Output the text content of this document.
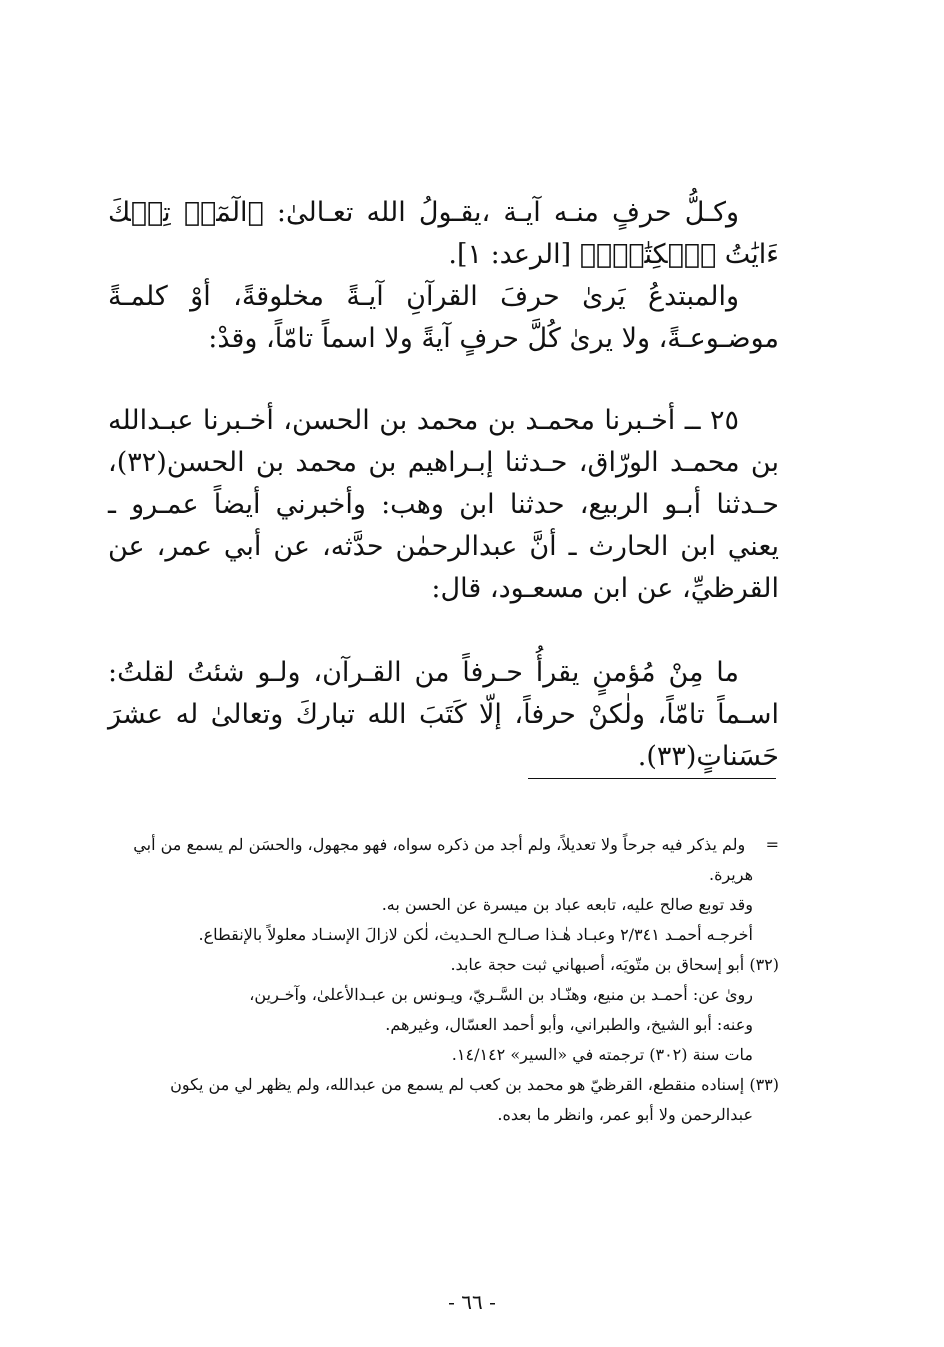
وكـلُّ حرفٍ منـه آيـة ،يقـولُ الله تعـالىٰ: ﴿الٓمٓرۚ تِلۡكَ ءَايَٰتُ ٱلۡكِتَٰبِۗ﴾ [الرعد: ١].

والمبتدعُ يَرىٰ حرفَ القرآنِ آيـةً مخلوقةً، أوْ كلمـةً موضـوعـةً، ولا يرىٰ كُلَّ حرفٍ آيةً ولا اسماً تامّاً، وقدْ:

٢٥ ــ أخـبرنا محمـد بن محمد بن الحسن، أخـبرنا عبـدالله بن محمـد الورّاق، حـدثنا إبـراهيم بن محمد بن الحسن(٣٢)، حـدثنا أبـو الربيع، حدثنا ابن وهب: وأخبرني أيضاً عمـرو ـ يعني ابن الحارث ـ أنَّ عبدالرحمٰن حدَّثه، عن أبي عمر، عن القرظيِّ، عن ابن مسعـود، قال:

ما مِنْ مُؤمنٍ يقرأُ حـرفاً من القـرآن، ولـو شئتُ لقلتُ: اسـماً تامّاً، ولٰكنْ حرفاً، إلّا كَتَبَ الله تباركَ وتعالىٰ له عشرَ حَسَناتٍ(٣٣).

=    ولم يذكر فيه جرحاً ولا تعديلاً، ولم أجد من ذكره سواه، فهو مجهول، والحسَن لم يسمع من أبي هريرة.

وقد توبع صالح عليه، تابعه عباد بن ميسرة عن الحسن به.

أخرجـه أحمـد ٢/٣٤١ وعبـاد هٰـذا صـالـح الحـديث، لٰكن لازالَ الإسنـاد معلولاً بالإنقطاع.

(٣٢) أبو إسحاق بن متّويَه، أصبهاني ثبت حجة عابد.

روىٰ عن: أحمـد بن منيع، وهنّـاد بن السَّـريّ، ويـونس بن عبـدالأعلىٰ، وآخـرين،

وعنه: أبو الشيخ، والطبراني، وأبو أحمد العسّال، وغيرهم.

مات سنة (٣٠٢) ترجمته في «السير» ١٤/١٤٢.

(٣٣) إسناده منقطع، القرظيّ هو محمد بن كعب لم يسمع من عبدالله، ولم يظهر لي من يكون عبدالرحمن ولا أبو عمر، وانظر ما بعده.

- ٦٦ -
